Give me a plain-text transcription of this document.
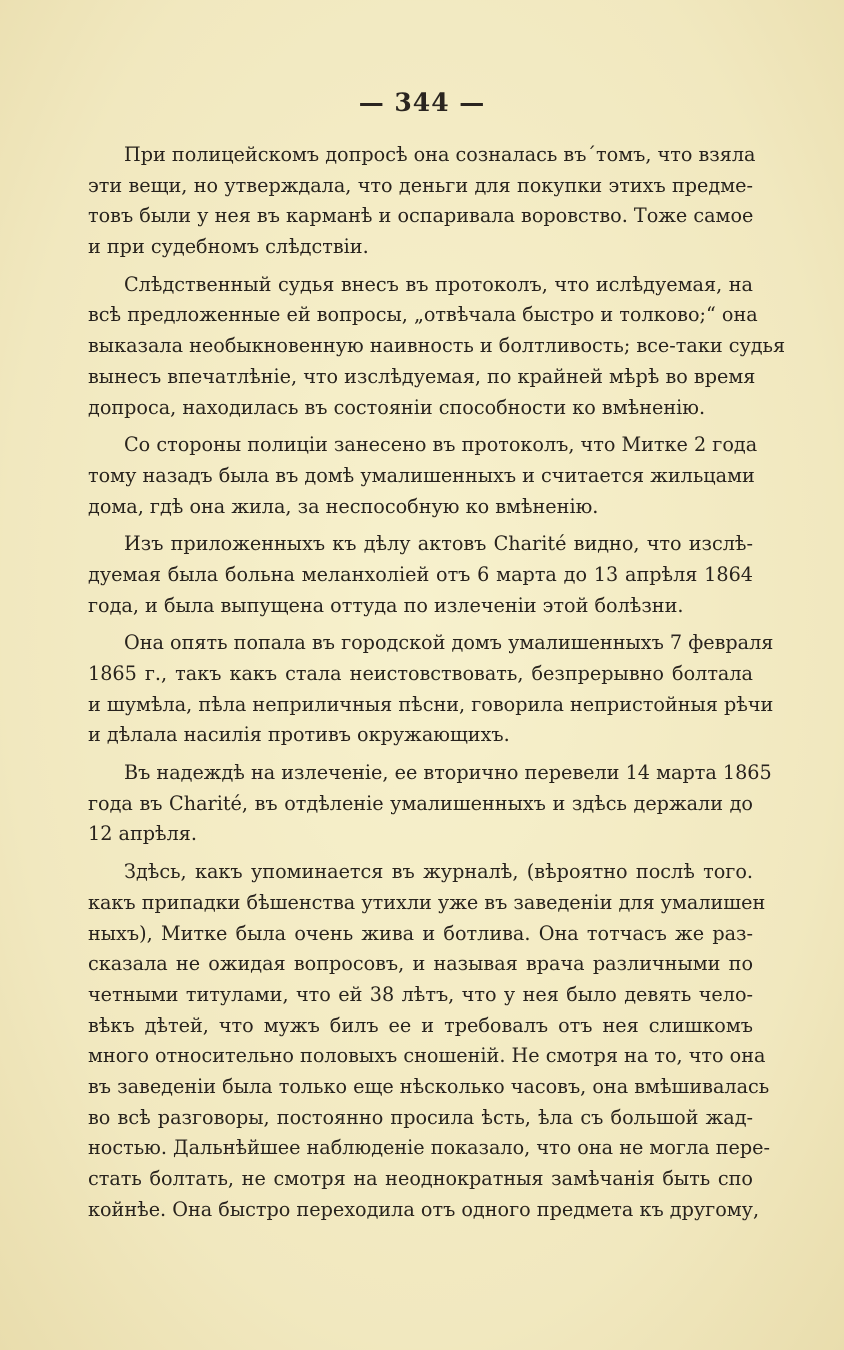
— 344 —
При полицейскомъ допросѣ она созналась въ´томъ, что взяла
эти вещи, но утверждала, что деньги для покупки этихъ предме-
товъ были у нея въ карманѣ и оспаривала воровство. Тоже самое
и при судебномъ слѣдствiи.
Слѣдственный судья внесъ въ протоколъ, что ислѣдуемая, на
всѣ предложенные ей вопросы, „отвѣчала быстро и толково;“ она
выказала необыкновенную наивность и болтливость; все-таки судья
вынесъ впечатлѣнiе, что изслѣдуемая, по крайней мѣрѣ во время
допроса, находилась въ состоянiи способности ко вмѣненiю.
Со стороны полицiи занесено въ протоколъ, что Митке 2 года
тому назадъ была въ домѣ умалишенныхъ и считается жильцами
дома, гдѣ она жила, за неспособную ко вмѣненiю.
Изъ приложенныхъ къ дѣлу актовъ Charité видно, что изслѣ-
дуемая была больна меланхолiей отъ 6 марта до 13 апрѣля 1864
года, и была выпущена оттуда по излеченiи этой болѣзни.
Она опять попала въ городской домъ умалишенныхъ 7 февраля
1865 г., такъ какъ стала неистовствовать, безпрерывно болтала
и шумѣла, пѣла неприличныя пѣсни, говорила непристойныя рѣчи
и дѣлала насилiя противъ окружающихъ.
Въ надеждѣ на излеченiе, ее вторично перевели 14 марта 1865
года въ Charité, въ отдѣленiе умалишенныхъ и здѣсь держали до
12 апрѣля.
Здѣсь, какъ упоминается въ журналѣ, (вѣроятно послѣ того.
какъ припадки бѣшенства утихли уже въ заведенiи для умалишен
ныхъ), Митке была очень жива и ботлива. Она тотчасъ же раз-
сказала не ожидая вопросовъ, и называя врача различными по
четными титулами, что ей 38 лѣтъ, что у нея было девять чело-
вѣкъ дѣтей, что мужъ билъ ее и требовалъ отъ нея слишкомъ
много относительно половыхъ сношенiй. Не смотря на то, что она
въ заведенiи была только еще нѣсколько часовъ, она вмѣшивалась
во всѣ разговоры, постоянно просила ѣсть, ѣла съ большой жад-
ностью. Дальнѣйшее наблюденiе показало, что она не могла пере-
стать болтать, не смотря на неоднократныя замѣчанiя быть спо
койнѣе. Она быстро переходила отъ одного предмета къ другому,
